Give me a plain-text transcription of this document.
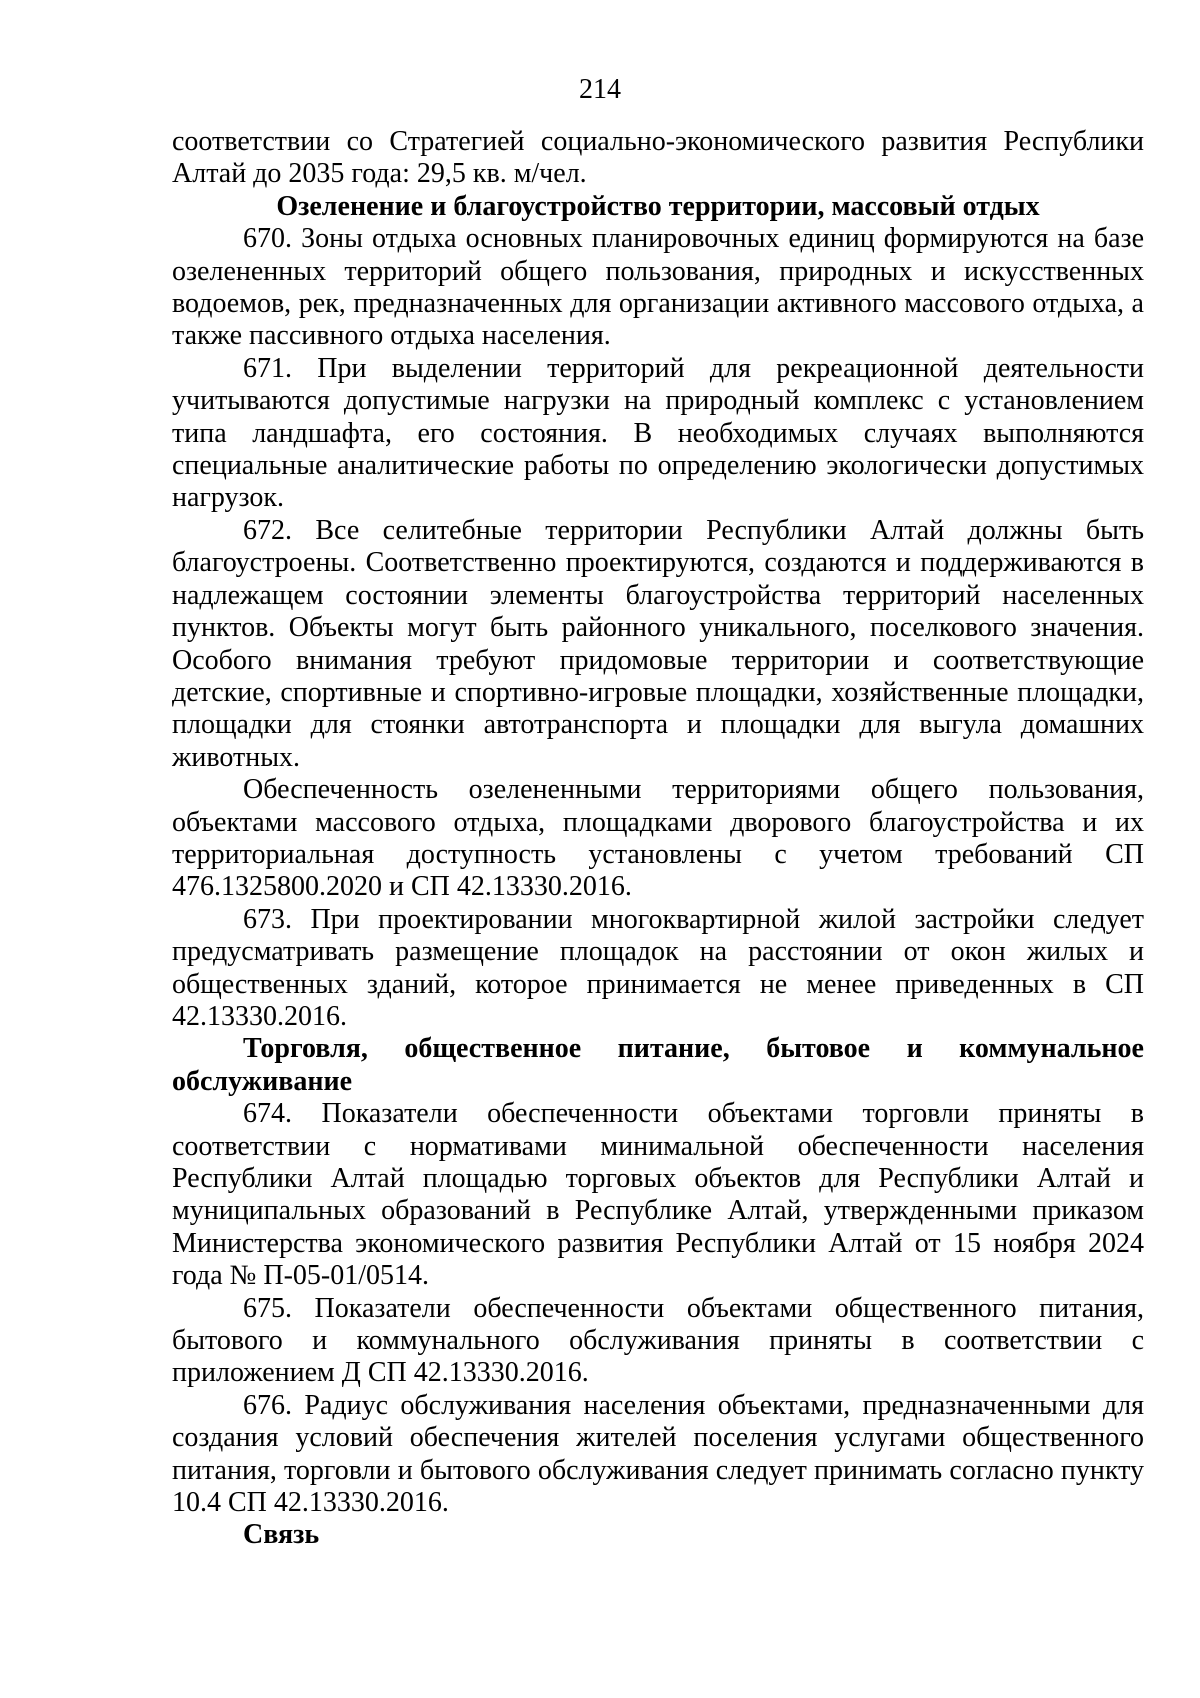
214

соответствии со Стратегией социально-экономического развития Республики Алтай до 2035 года: 29,5 кв. м/чел.

Озеленение и благоустройство территории, массовый отдых

670. Зоны отдыха основных планировочных единиц формируются на базе озелененных территорий общего пользования, природных и искусственных водоемов, рек, предназначенных для организации активного массового отдыха, а также пассивного отдыха населения.

671. При выделении территорий для рекреационной деятельности учитываются допустимые нагрузки на природный комплекс с установлением типа ландшафта, его состояния. В необходимых случаях выполняются специальные аналитические работы по определению экологически допустимых нагрузок.

672. Все селитебные территории Республики Алтай должны быть благоустроены. Соответственно проектируются, создаются и поддерживаются в надлежащем состоянии элементы благоустройства территорий населенных пунктов. Объекты могут быть районного уникального, поселкового значения. Особого внимания требуют придомовые территории и соответствующие детские, спортивные и спортивно-игровые площадки, хозяйственные площадки, площадки для стоянки автотранспорта и площадки для выгула домашних животных.

Обеспеченность озелененными территориями общего пользования, объектами массового отдыха, площадками дворового благоустройства и их территориальная доступность установлены с учетом требований СП 476.1325800.2020 и СП 42.13330.2016.

673. При проектировании многоквартирной жилой застройки следует предусматривать размещение площадок на расстоянии от окон жилых и общественных зданий, которое принимается не менее приведенных в СП 42.13330.2016.

Торговля, общественное питание, бытовое и коммунальное обслуживание

674. Показатели обеспеченности объектами торговли приняты в соответствии с нормативами минимальной обеспеченности населения Республики Алтай площадью торговых объектов для Республики Алтай и муниципальных образований в Республике Алтай, утвержденными приказом Министерства экономического развития Республики Алтай от 15 ноября 2024 года № П-05-01/0514.

675. Показатели обеспеченности объектами общественного питания, бытового и коммунального обслуживания приняты в соответствии с приложением Д СП 42.13330.2016.

676. Радиус обслуживания населения объектами, предназначенными для создания условий обеспечения жителей поселения услугами общественного питания, торговли и бытового обслуживания следует принимать согласно пункту 10.4 СП 42.13330.2016.

Связь
